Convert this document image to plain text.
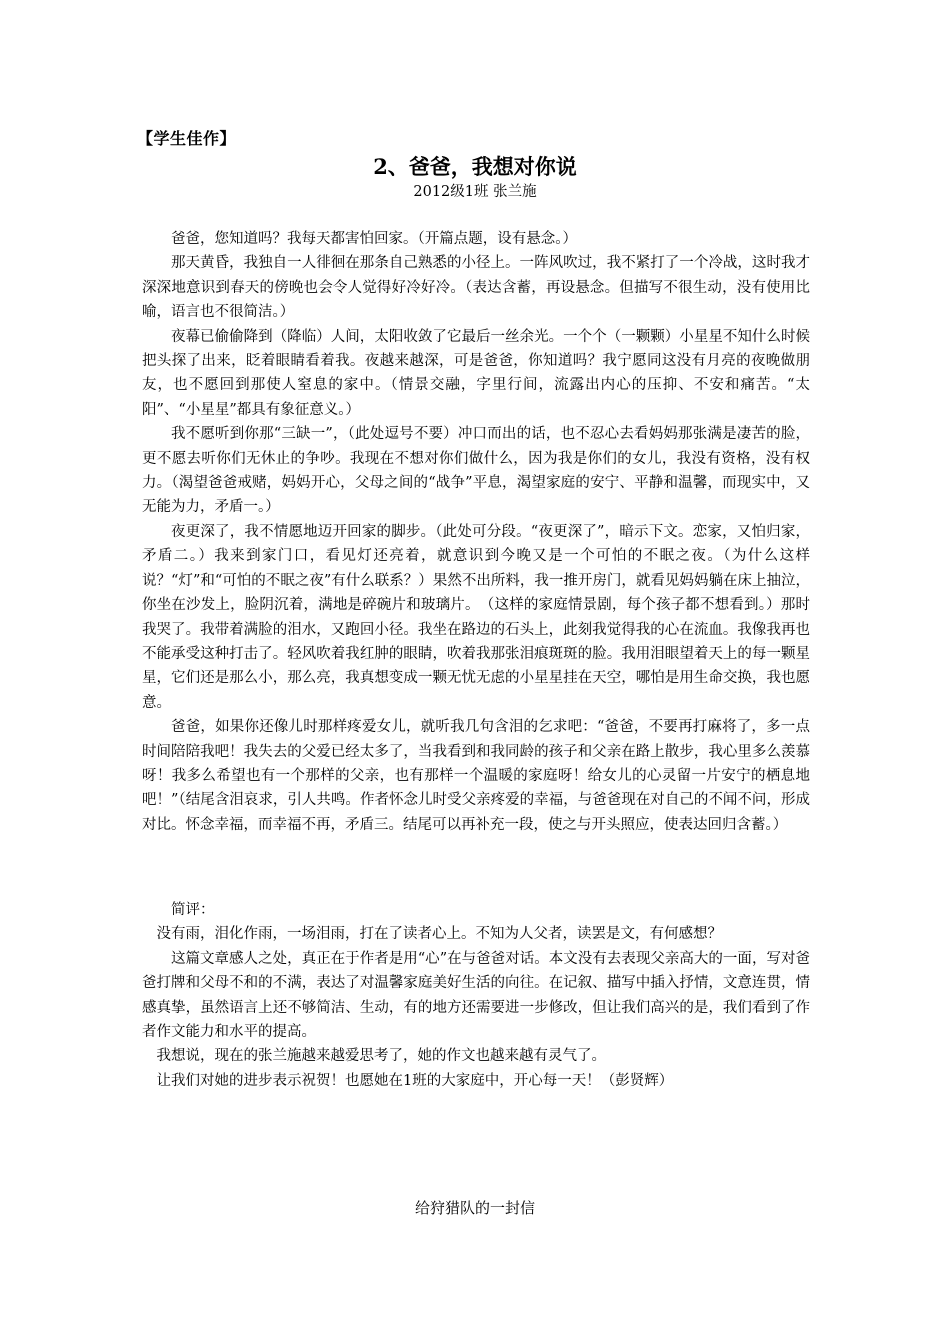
【学生佳作】
2、爸爸，我想对你说
2012级1班 张兰施

爸爸，您知道吗？我每天都害怕回家。（开篇点题，设有悬念。）

那天黄昏，我独自一人徘徊在那条自己熟悉的小径上。一阵风吹过，我不紧打了一个冷战，这时我才深深地意识到春天的傍晚也会令人觉得好冷好冷。（表达含蓄，再设悬念。但描写不很生动，没有使用比喻，语言也不很简洁。）

夜幕已偷偷降到（降临）人间，太阳收敛了它最后一丝余光。一个个（一颗颗）小星星不知什么时候把头探了出来，眨着眼睛看着我。夜越来越深，可是爸爸，你知道吗？我宁愿同这没有月亮的夜晚做朋友，也不愿回到那使人窒息的家中。（情景交融，字里行间，流露出内心的压抑、不安和痛苦。“太阳”、“小星星”都具有象征意义。）

我不愿听到你那“三缺一”，（此处逗号不要）冲口而出的话，也不忍心去看妈妈那张满是凄苦的脸，更不愿去听你们无休止的争吵。我现在不想对你们做什么，因为我是你们的女儿，我没有资格，没有权力。（渴望爸爸戒赌，妈妈开心，父母之间的“战争”平息，渴望家庭的安宁、平静和温馨，而现实中，又无能为力，矛盾一。）

夜更深了，我不情愿地迈开回家的脚步。（此处可分段。“夜更深了”，暗示下文。恋家，又怕归家，矛盾二。）我来到家门口，看见灯还亮着，就意识到今晚又是一个可怕的不眠之夜。（为什么这样说？“灯”和“可怕的不眠之夜”有什么联系？）果然不出所料，我一推开房门，就看见妈妈躺在床上抽泣，你坐在沙发上，脸阴沉着，满地是碎碗片和玻璃片。　（这样的家庭情景剧，每个孩子都不想看到。）那时我哭了。我带着满脸的泪水，又跑回小径。我坐在路边的石头上，此刻我觉得我的心在流血。我像我再也不能承受这种打击了。轻风吹着我红肿的眼睛，吹着我那张泪痕斑斑的脸。我用泪眼望着天上的每一颗星星，它们还是那么小，那么亮，我真想变成一颗无忧无虑的小星星挂在天空，哪怕是用生命交换，我也愿意。

爸爸，如果你还像儿时那样疼爱女儿，就听我几句含泪的乞求吧：“爸爸，不要再打麻将了，多一点时间陪陪我吧！我失去的父爱已经太多了，当我看到和我同龄的孩子和父亲在路上散步，我心里多么羡慕呀！我多么希望也有一个那样的父亲，也有那样一个温暖的家庭呀！给女儿的心灵留一片安宁的栖息地吧！”（结尾含泪哀求，引人共鸣。作者怀念儿时受父亲疼爱的幸福，与爸爸现在对自己的不闻不问，形成对比。怀念幸福，而幸福不再，矛盾三。结尾可以再补充一段，使之与开头照应，使表达回归含蓄。）

简评：

没有雨，泪化作雨，一场泪雨，打在了读者心上。不知为人父者，读罢是文，有何感想？

这篇文章感人之处，真正在于作者是用“心”在与爸爸对话。本文没有去表现父亲高大的一面，写对爸爸打牌和父母不和的不满，表达了对温馨家庭美好生活的向往。在记叙、描写中插入抒情，文意连贯，情感真挚，虽然语言上还不够简洁、生动，有的地方还需要进一步修改，但让我们高兴的是，我们看到了作者作文能力和水平的提高。

我想说，现在的张兰施越来越爱思考了，她的作文也越来越有灵气了。

让我们对她的进步表示祝贺！也愿她在1班的大家庭中，开心每一天！（彭贤辉）

给狩猎队的一封信
